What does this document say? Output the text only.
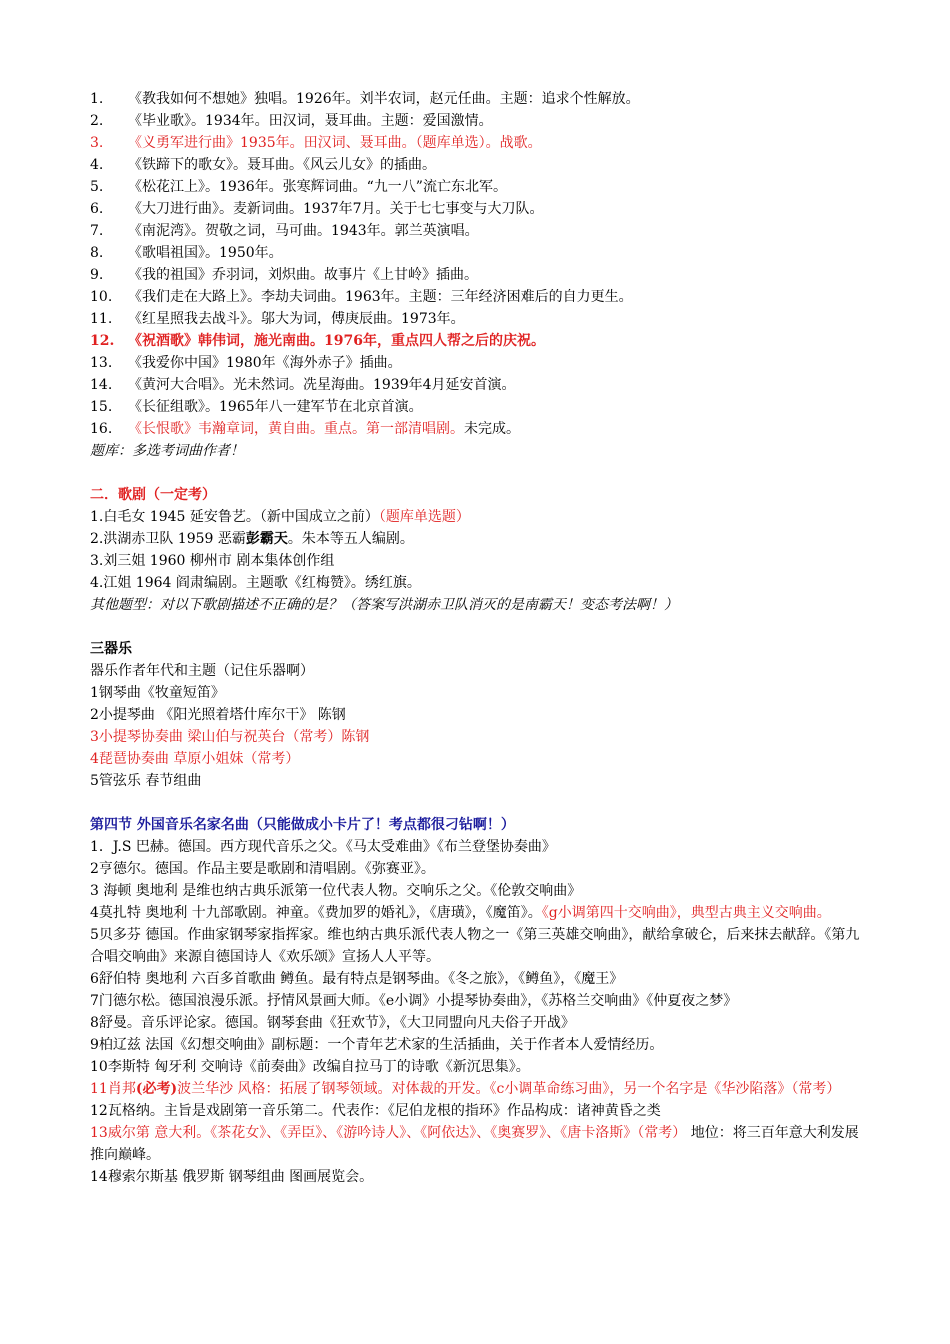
1. 《教我如何不想她》独唱。1926年。刘半农词，赵元任曲。主题：追求个性解放。
2. 《毕业歌》。1934年。田汉词，聂耳曲。主题：爱国激情。
3. 《义勇军进行曲》1935年。田汉词、聂耳曲。（题库单选）。战歌。
4. 《铁蹄下的歌女》。聂耳曲。《风云儿女》的插曲。
5. 《松花江上》。1936年。张寒辉词曲。“九一八”流亡东北军。
6. 《大刀进行曲》。麦新词曲。1937年7月。关于七七事变与大刀队。
7. 《南泥湾》。贺敬之词，马可曲。1943年。郭兰英演唱。
8. 《歌唱祖国》。1950年。
9. 《我的祖国》乔羽词，刘炽曲。故事片《上甘岭》插曲。
10. 《我们走在大路上》。李劫夫词曲。1963年。主题：三年经济困难后的自力更生。
11. 《红星照我去战斗》。邬大为词，傅庚辰曲。1973年。
12. 《祝酒歌》韩伟词，施光南曲。1976年，重点四人帮之后的庆祝。
13. 《我爱你中国》1980年《海外赤子》插曲。
14. 《黄河大合唱》。光未然词。冼星海曲。1939年4月延安首演。
15. 《长征组歌》。1965年八一建军节在北京首演。
16. 《长恨歌》韦瀚章词，黄自曲。重点。第一部清唱剧。未完成。
题库：多选考词曲作者！
二．歌剧（一定考）
1.白毛女 1945 延安鲁艺。（新中国成立之前）（题库单选题）
2.洪湖赤卫队 1959 恶霸彭霸天。朱本等五人编剧。
3.刘三姐 1960 柳州市 剧本集体创作组
4.江姐 1964 阎肃编剧。主题歌《红梅赞》。绣红旗。
其他题型：对以下歌剧描述不正确的是？（答案写洪湖赤卫队消灭的是南霸天！变态考法啊！）
三器乐
器乐作者年代和主题（记住乐器啊）
1钢琴曲《牧童短笛》
2小提琴曲 《阳光照着塔什库尔干》 陈钢
3小提琴协奏曲 梁山伯与祝英台（常考）陈钢
4琵琶协奏曲 草原小姐妹（常考）
5管弦乐 春节组曲
第四节 外国音乐名家名曲（只能做成小卡片了！考点都很刁钻啊！）
1．J.S 巴赫。德国。西方现代音乐之父。《马太受难曲》《布兰登堡协奏曲》
2亨德尔。德国。作品主要是歌剧和清唱剧。《弥赛亚》。
3 海顿 奥地利 是维也纳古典乐派第一位代表人物。交响乐之父。《伦敦交响曲》
4莫扎特 奥地利 十九部歌剧。神童。《费加罗的婚礼》，《唐璜》，《魔笛》。《g小调第四十交响曲》，典型古典主义交响曲。
5贝多芬 德国。作曲家钢琴家指挥家。维也纳古典乐派代表人物之一《第三英雄交响曲》，献给拿破仑，后来抹去献辞。《第九合唱交响曲》来源自德国诗人《欢乐颂》宣扬人人平等。
6舒伯特 奥地利 六百多首歌曲 鳟鱼。最有特点是钢琴曲。《冬之旅》，《鳟鱼》，《魔王》
7门德尔松。德国浪漫乐派。抒情风景画大师。《e小调》小提琴协奏曲》，《苏格兰交响曲》《仲夏夜之梦》
8舒曼。音乐评论家。德国。钢琴套曲《狂欢节》，《大卫同盟向凡夫俗子开战》
9柏辽兹 法国《幻想交响曲》副标题：一个青年艺术家的生活插曲，关于作者本人爱情经历。
10李斯特 匈牙利 交响诗《前奏曲》改编自拉马丁的诗歌《新沉思集》。
11肖邦(必考)波兰华沙 风格：拓展了钢琴领域。对体裁的开发。《c小调革命练习曲》，另一个名字是《华沙陷落》（常考）
12瓦格纳。主旨是戏剧第一音乐第二。代表作：《尼伯龙根的指环》作品构成：诸神黄昏之类
13威尔第 意大利。《茶花女》、《弄臣》、《游吟诗人》、《阿依达》、《奥赛罗》、《唐卡洛斯》（常考） 地位：将三百年意大利发展推向巅峰。
14穆索尔斯基 俄罗斯 钢琴组曲 图画展览会。
